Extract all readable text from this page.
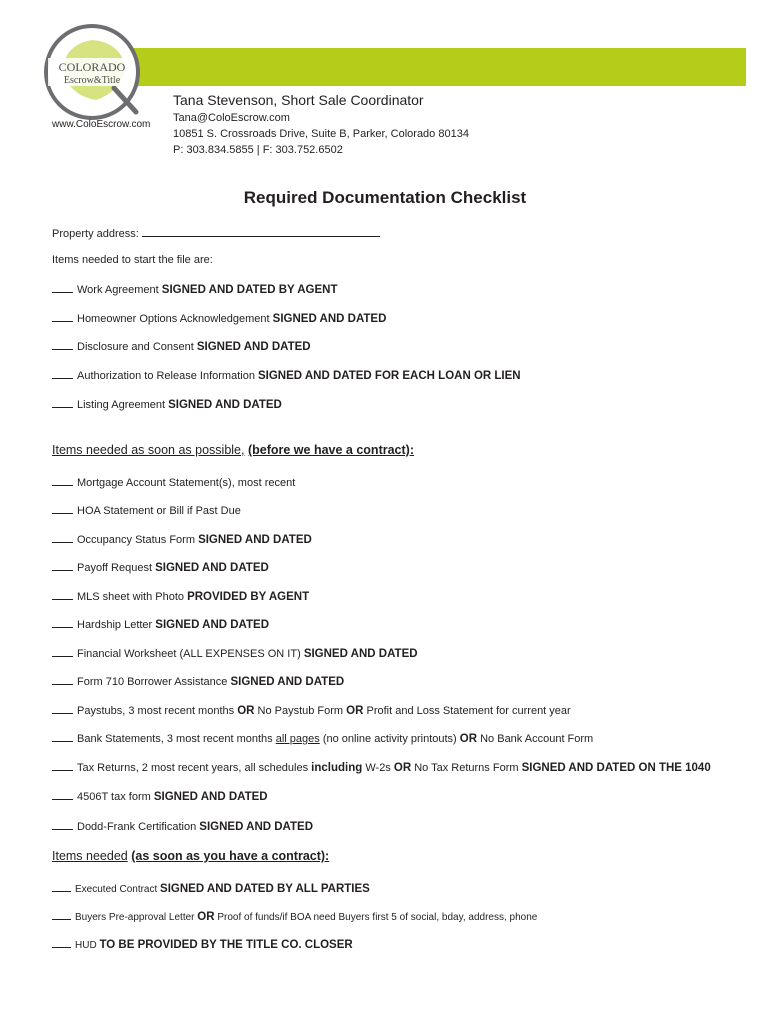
COLORADO
Escrow&Title
www.ColoEscrow.com
Tana Stevenson, Short Sale Coordinator
Tana@ColoEscrow.com
10851 S. Crossroads Drive, Suite B, Parker, Colorado 80134
P: 303.834.5855 | F: 303.752.6502
Required Documentation Checklist
Property address:
Items needed to start the file are:
Work Agreement SIGNED AND DATED BY AGENT
Homeowner Options Acknowledgement SIGNED AND DATED
Disclosure and Consent SIGNED AND DATED
Authorization to Release Information SIGNED AND DATED FOR EACH LOAN OR LIEN
Listing Agreement SIGNED AND DATED
Items needed as soon as possible, (before we have a contract):
Mortgage Account Statement(s), most recent
HOA Statement or Bill if Past Due
Occupancy Status Form SIGNED AND DATED
Payoff Request SIGNED AND DATED
MLS sheet with Photo PROVIDED BY AGENT
Hardship Letter SIGNED AND DATED
Financial Worksheet (ALL EXPENSES ON IT) SIGNED AND DATED
Form 710 Borrower Assistance SIGNED AND DATED
Paystubs, 3 most recent months OR No Paystub Form OR Profit and Loss Statement for current year
Bank Statements, 3 most recent months all pages (no online activity printouts) OR No Bank Account Form
Tax Returns, 2 most recent years, all schedules including W-2s OR No Tax Returns Form SIGNED AND DATED ON THE 1040
4506T tax form SIGNED AND DATED
Dodd-Frank Certification SIGNED AND DATED
Items needed (as soon as you have a contract):
Executed Contract SIGNED AND DATED BY ALL PARTIES
Buyers Pre-approval Letter OR Proof of funds/if BOA need Buyers first 5 of social, bday, address, phone
HUD TO BE PROVIDED BY THE TITLE CO. CLOSER
